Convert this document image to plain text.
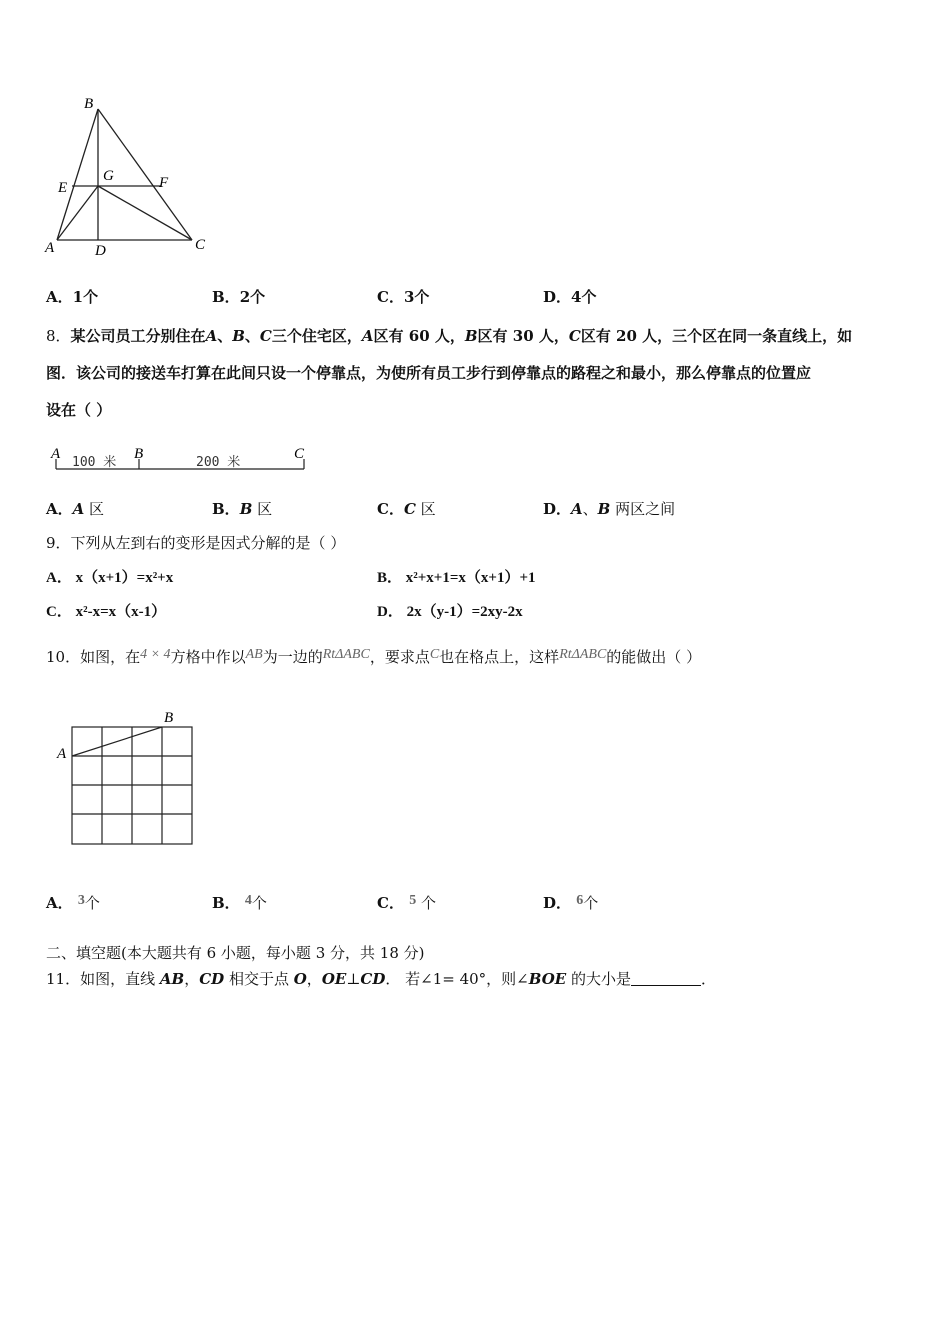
B
E
G	F
A	D	C
A．1个	B．2个	C．3个	D．4个
8．某公司员工分别住在A、B、C三个住宅区，A区有 60 人，B区有 30 人，C区有 20 人，三个区在同一条直线上，如
图．该公司的接送车打算在此间只设一个停靠点，为使所有员工步行到停靠点的路程之和最小，那么停靠点的位置应
设在（ ）
A
100 米
B
200 米
C
A．A 区	B．B 区	C．C 区	D．A、B 两区之间
9．下列从左到右的变形是因式分解的是（ ）
A． x（x+1）=x²+x	B． x²+x+1=x（x+1）+1
C． x²-x=x（x-1）	D． 2x（y-1）=2xy-2x
10．如图，在4 × 4方格中作以AB为一边的RtΔABC，要求点C也在格点上，这样RtΔABC的能做出（ ）
A
B
A． 3个	B． 4个	C． 5 个	D． 6个
二、填空题(本大题共有 6 小题，每小题 3 分，共 18 分)
11．如图，直线 AB，CD 相交于点 O，OE⊥CD． 若∠1= 40°，则∠BOE 的大小是	．
